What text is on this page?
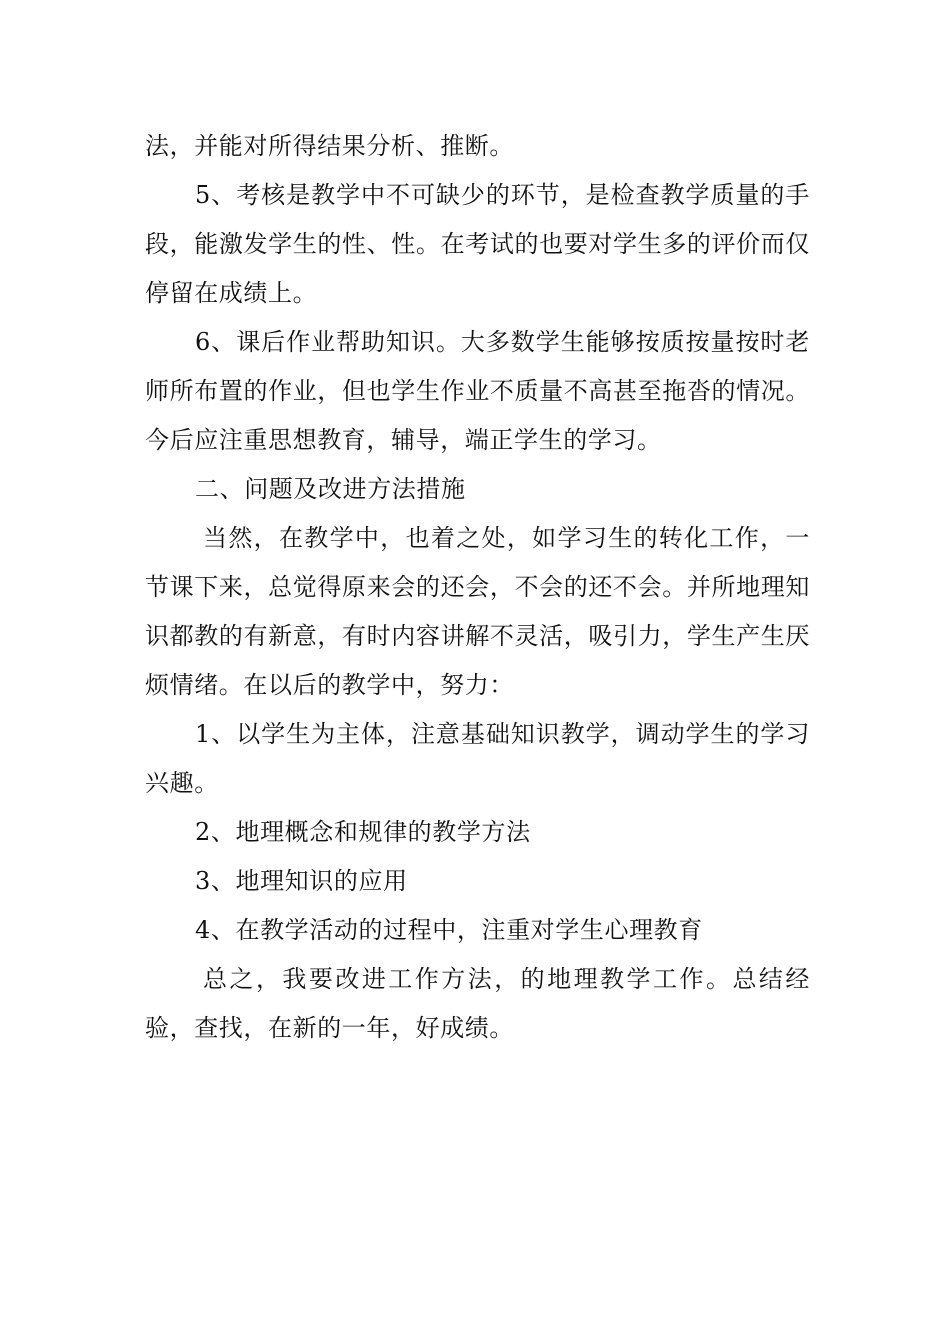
法，并能对所得结果分析、推断。

5、考核是教学中不可缺少的环节，是检查教学质量的手段，能激发学生的性、性。在考试的也要对学生多的评价而仅停留在成绩上。

6、课后作业帮助知识。大多数学生能够按质按量按时老师所布置的作业，但也学生作业不质量不高甚至拖沓的情况。今后应注重思想教育，辅导，端正学生的学习。

二、问题及改进方法措施

当然，在教学中，也着之处，如学习生的转化工作，一节课下来，总觉得原来会的还会，不会的还不会。并所地理知识都教的有新意，有时内容讲解不灵活，吸引力，学生产生厌烦情绪。在以后的教学中，努力：

1、以学生为主体，注意基础知识教学，调动学生的学习兴趣。

2、地理概念和规律的教学方法

3、地理知识的应用

4、在教学活动的过程中，注重对学生心理教育

总之，我要改进工作方法，的地理教学工作。总结经验，查找，在新的一年，好成绩。
